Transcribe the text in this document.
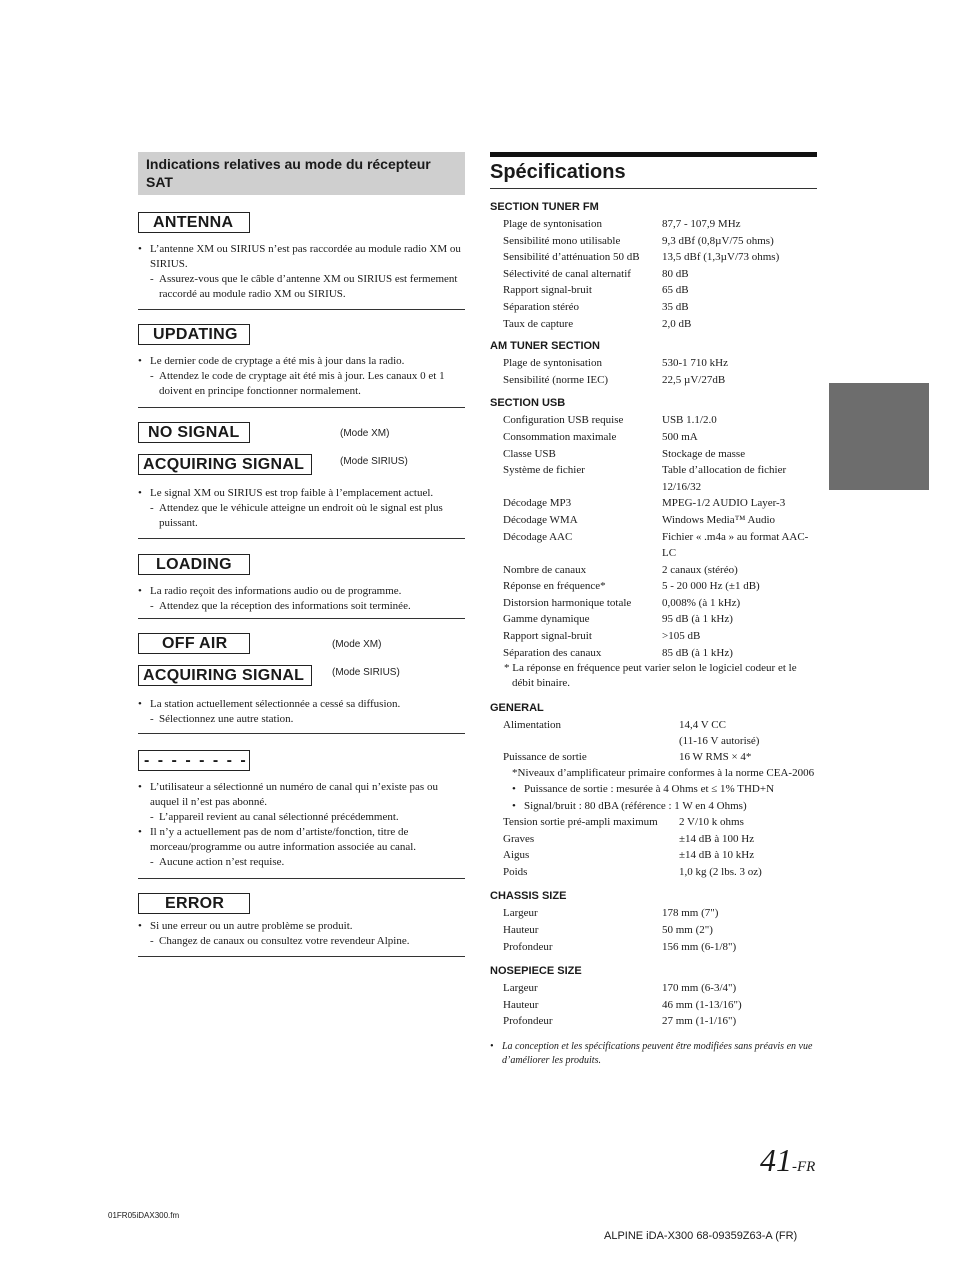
Indications relatives au mode du récepteur SAT
ANTENNA
• L’antenne XM ou SIRIUS n’est pas raccordée au module radio XM ou SIRIUS.
- Assurez-vous que le câble d’antenne XM ou SIRIUS est fermement raccordé au module radio XM ou SIRIUS.
UPDATING
• Le dernier code de cryptage a été mis à jour dans la radio.
- Attendez le code de cryptage ait été mis à jour. Les canaux 0 et 1 doivent en principe fonctionner normalement.
NO SIGNAL	(Mode XM)
ACQUIRING SIGNAL	(Mode SIRIUS)
• Le signal XM ou SIRIUS est trop faible à l’emplacement actuel.
- Attendez que le véhicule atteigne un endroit où le signal est plus puissant.
LOADING
• La radio reçoit des informations audio ou de programme.
- Attendez que la réception des informations soit terminée.
OFF AIR	(Mode XM)
ACQUIRING SIGNAL	(Mode SIRIUS)
• La station actuellement sélectionnée a cessé sa diffusion.
- Sélectionnez une autre station.
- - - - - - - -
• L’utilisateur a sélectionné un numéro de canal qui n’existe pas ou auquel il n’est pas abonné.
- L’appareil revient au canal sélectionné précédemment.
• Il n’y a actuellement pas de nom d’artiste/fonction, titre de morceau/programme ou autre information associée au canal.
- Aucune action n’est requise.
ERROR
• Si une erreur ou un autre problème se produit.
- Changez de canaux ou consultez votre revendeur Alpine.
Spécifications
SECTION TUNER FM
Plage de syntonisation	87,7 - 107,9 MHz
Sensibilité mono utilisable	9,3 dBf (0,8µV/75 ohms)
Sensibilité d’atténuation 50 dB	13,5 dBf (1,3µV/73 ohms)
Sélectivité de canal alternatif	80 dB
Rapport signal-bruit	65 dB
Séparation stéréo	35 dB
Taux de capture	2,0 dB
AM TUNER SECTION
Plage de syntonisation	530-1 710 kHz
Sensibilité (norme IEC)	22,5 µV/27dB
SECTION USB
Configuration USB requise	USB 1.1/2.0
Consommation maximale	500 mA
Classe USB	Stockage de masse
Système de fichier	Table d’allocation de fichier 12/16/32
Décodage MP3	MPEG-1/2 AUDIO Layer-3
Décodage WMA	Windows Media™ Audio
Décodage AAC	Fichier « .m4a » au format AAC-LC
Nombre de canaux	2 canaux (stéréo)
Réponse en fréquence*	5 - 20 000 Hz (±1 dB)
Distorsion harmonique totale	0,008% (à 1 kHz)
Gamme dynamique	95 dB (à 1 kHz)
Rapport signal-bruit	>105 dB
Séparation des canaux	85 dB (à 1 kHz)
* La réponse en fréquence peut varier selon le logiciel codeur et le débit binaire.
GENERAL
Alimentation	14,4 V CC
(11-16 V autorisé)
Puissance de sortie	16 W RMS × 4*
*Niveaux d’amplificateur primaire conformes à la norme CEA-2006
• Puissance de sortie : mesurée à 4 Ohms et ≤ 1% THD+N
• Signal/bruit : 80 dBA (référence : 1 W en 4 Ohms)
Tension sortie pré-ampli maximum	2 V/10 k ohms
Graves	±14 dB à 100 Hz
Aigus	±14 dB à 10 kHz
Poids	1,0 kg (2 lbs. 3 oz)
CHASSIS SIZE
Largeur	178 mm (7")
Hauteur	50 mm (2")
Profondeur	156 mm (6-1/8")
NOSEPIECE SIZE
Largeur	170 mm (6-3/4")
Hauteur	46 mm (1-13/16")
Profondeur	27 mm (1-1/16")
• La conception et les spécifications peuvent être modifiées sans préavis en vue d’améliorer les produits.
41-FR
01FR05iDAX300.fm
ALPINE iDA-X300 68-09359Z63-A (FR)
